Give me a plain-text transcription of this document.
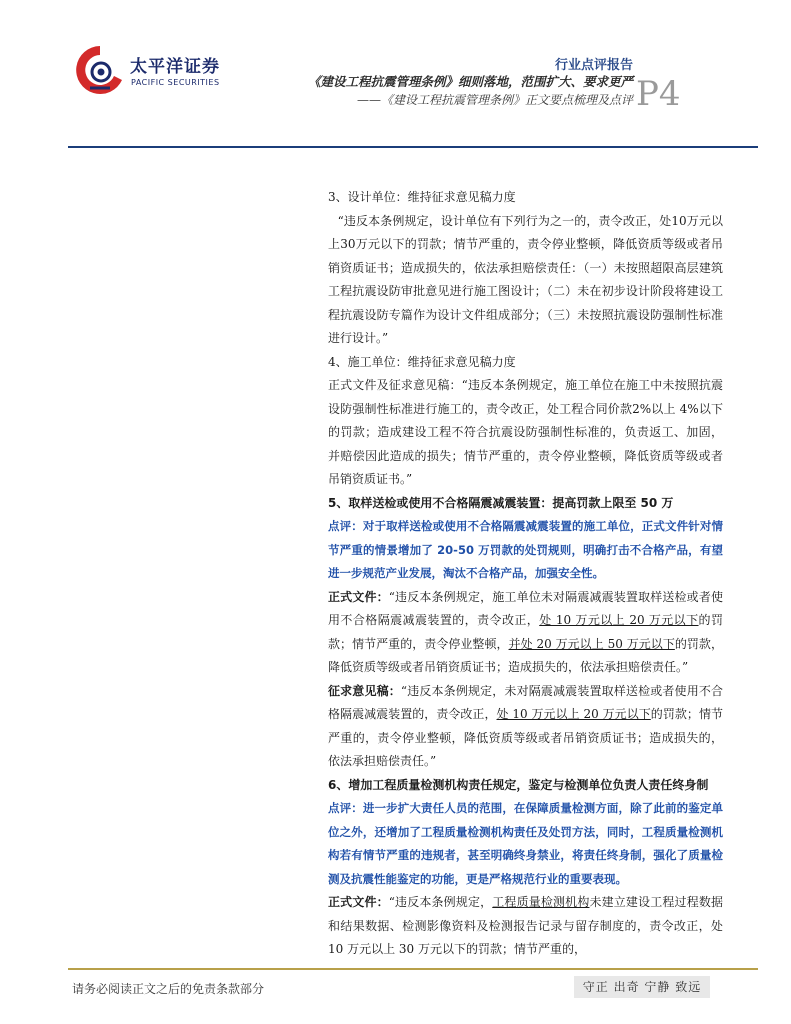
太平洋证券
PACIFIC SECURITIES
行业点评报告
《建设工程抗震管理条例》细则落地，范围扩大、要求更严
——《建设工程抗震管理条例》正文要点梳理及点评 P4

3、设计单位：维持征求意见稿力度

“违反本条例规定，设计单位有下列行为之一的，责令改正，处10万元以上30万元以下的罚款；情节严重的，责令停业整顿，降低资质等级或者吊销资质证书；造成损失的，依法承担赔偿责任：（一）未按照超限高层建筑工程抗震设防审批意见进行施工图设计；（二）未在初步设计阶段将建设工程抗震设防专篇作为设计文件组成部分；（三）未按照抗震设防强制性标准进行设计。”

4、施工单位：维持征求意见稿力度

正式文件及征求意见稿：“违反本条例规定，施工单位在施工中未按照抗震设防强制性标准进行施工的，责令改正，处工程合同价款2%以上 4%以下的罚款；造成建设工程不符合抗震设防强制性标准的，负责返工、加固，并赔偿因此造成的损失；情节严重的，责令停业整顿，降低资质等级或者吊销资质证书。”

5、取样送检或使用不合格隔震减震装置：提高罚款上限至 50 万

点评：对于取样送检或使用不合格隔震减震装置的施工单位，正式文件针对情节严重的情景增加了 20-50 万罚款的处罚规则，明确打击不合格产品，有望进一步规范产业发展，淘汰不合格产品，加强安全性。

正式文件：“违反本条例规定，施工单位未对隔震减震装置取样送检或者使用不合格隔震减震装置的，责令改正，处 10 万元以上 20 万元以下的罚款；情节严重的，责令停业整顿，并处 20 万元以上 50 万元以下的罚款，降低资质等级或者吊销资质证书；造成损失的，依法承担赔偿责任。”

征求意见稿：“违反本条例规定，未对隔震减震装置取样送检或者使用不合格隔震减震装置的，责令改正，处 10 万元以上 20 万元以下的罚款；情节严重的，责令停业整顿，降低资质等级或者吊销资质证书；造成损失的，依法承担赔偿责任。”

6、增加工程质量检测机构责任规定，鉴定与检测单位负责人责任终身制

点评：进一步扩大责任人员的范围，在保障质量检测方面，除了此前的鉴定单位之外，还增加了工程质量检测机构责任及处罚方法，同时，工程质量检测机构若有情节严重的违规者，甚至明确终身禁业，将责任终身制，强化了质量检测及抗震性能鉴定的功能，更是严格规范行业的重要表现。

正式文件：“违反本条例规定，工程质量检测机构未建立建设工程过程数据和结果数据、检测影像资料及检测报告记录与留存制度的，责令改正，处 10 万元以上 30 万元以下的罚款；情节严重的，

请务必阅读正文之后的免责条款部分	守正 出奇 宁静 致远
